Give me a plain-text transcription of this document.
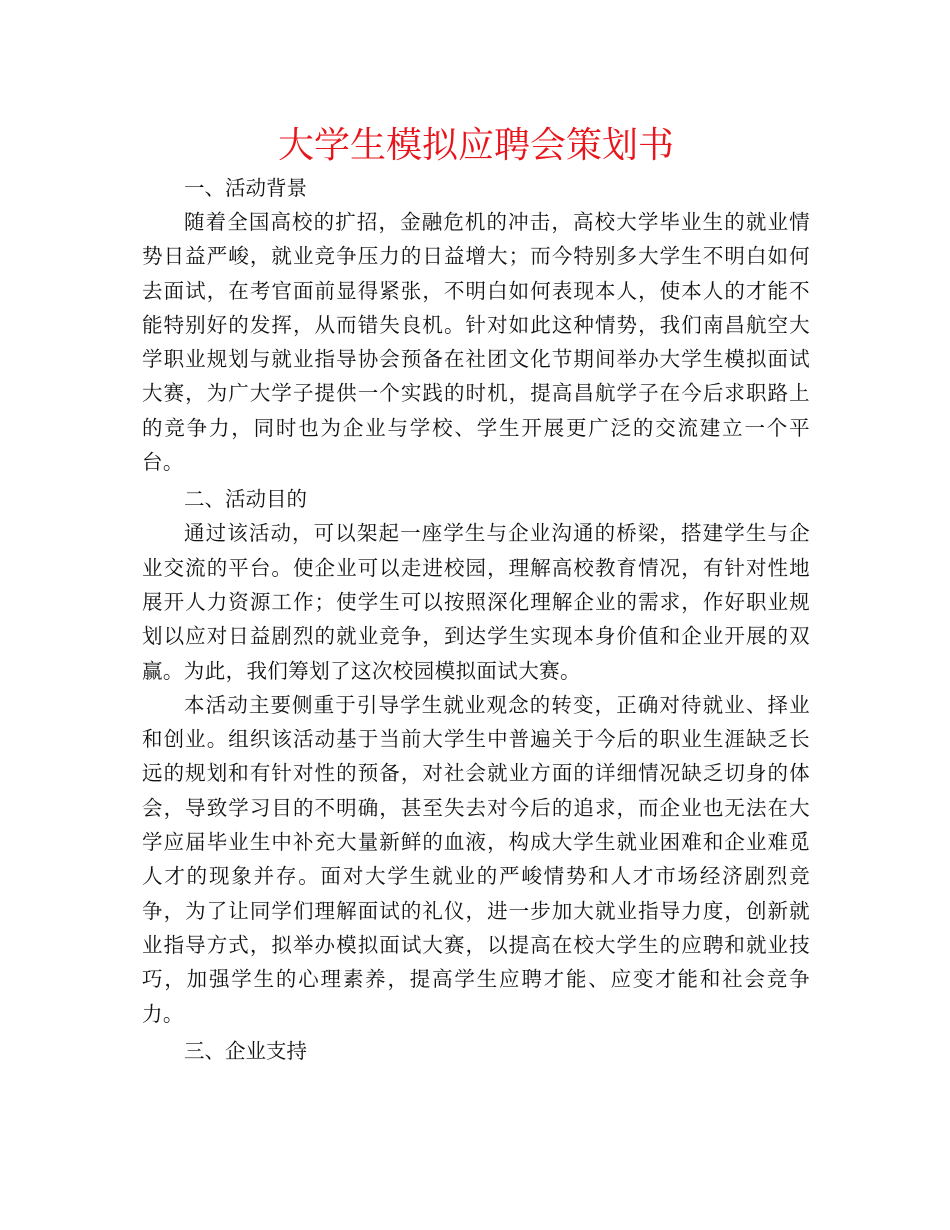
大学生模拟应聘会策划书
一、活动背景

随着全国高校的扩招，金融危机的冲击，高校大学毕业生的就业情势日益严峻，就业竞争压力的日益增大；而今特别多大学生不明白如何去面试，在考官面前显得紧张，不明白如何表现本人，使本人的才能不能特别好的发挥，从而错失良机。针对如此这种情势，我们南昌航空大学职业规划与就业指导协会预备在社团文化节期间举办大学生模拟面试大赛，为广大学子提供一个实践的时机，提高昌航学子在今后求职路上的竞争力，同时也为企业与学校、学生开展更广泛的交流建立一个平台。

二、活动目的

通过该活动，可以架起一座学生与企业沟通的桥梁，搭建学生与企业交流的平台。使企业可以走进校园，理解高校教育情况，有针对性地展开人力资源工作；使学生可以按照深化理解企业的需求，作好职业规划以应对日益剧烈的就业竞争，到达学生实现本身价值和企业开展的双赢。为此，我们筹划了这次校园模拟面试大赛。

本活动主要侧重于引导学生就业观念的转变，正确对待就业、择业和创业。组织该活动基于当前大学生中普遍关于今后的职业生涯缺乏长远的规划和有针对性的预备，对社会就业方面的详细情况缺乏切身的体会，导致学习目的不明确，甚至失去对今后的追求，而企业也无法在大学应届毕业生中补充大量新鲜的血液，构成大学生就业困难和企业难觅人才的现象并存。面对大学生就业的严峻情势和人才市场经济剧烈竞争，为了让同学们理解面试的礼仪，进一步加大就业指导力度，创新就业指导方式，拟举办模拟面试大赛，以提高在校大学生的应聘和就业技巧，加强学生的心理素养，提高学生应聘才能、应变才能和社会竞争力。

三、企业支持
